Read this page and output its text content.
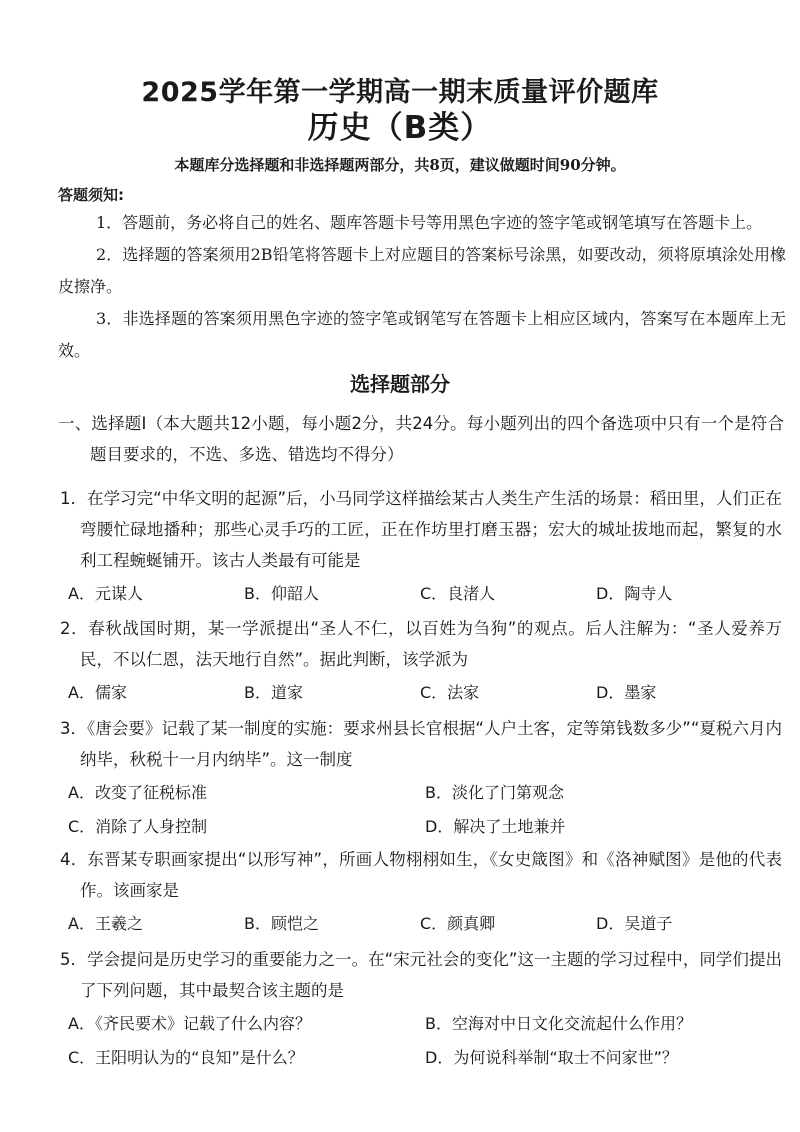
2025学年第一学期高一期末质量评价题库
历史（B类）
本题库分选择题和非选择题两部分，共8页，建议做题时间90分钟。
答题须知:
1．答题前，务必将自己的姓名、题库答题卡号等用黑色字迹的签字笔或钢笔填写在答题卡上。
2．选择题的答案须用2B铅笔将答题卡上对应题目的答案标号涂黑，如要改动，须将原填涂处用橡皮擦净。
3．非选择题的答案须用黑色字迹的签字笔或钢笔写在答题卡上相应区域内，答案写在本题库上无效。
选择题部分
一、选择题Ⅰ（本大题共12小题，每小题2分，共24分。每小题列出的四个备选项中只有一个是符合题目要求的，不选、多选、错选均不得分）
1．在学习完“中华文明的起源”后，小马同学这样描绘某古人类生产生活的场景：稻田里，人们正在弯腰忙碌地播种；那些心灵手巧的工匠，正在作坊里打磨玉器；宏大的城址拔地而起，繁复的水利工程蜿蜒铺开。该古人类最有可能是
A．元谋人	B．仰韶人	C．良渚人	D．陶寺人
2．春秋战国时期，某一学派提出“圣人不仁，以百姓为刍狗”的观点。后人注解为：“圣人爱养万民，不以仁恩，法天地行自然”。据此判断，该学派为
A．儒家	B．道家	C．法家	D．墨家
3．《唐会要》记载了某一制度的实施：要求州县长官根据“人户土客，定等第钱数多少”“夏税六月内纳毕，秋税十一月内纳毕”。这一制度
A．改变了征税标准	B．淡化了门第观念
C．消除了人身控制	D．解决了土地兼并
4．东晋某专职画家提出“以形写神”，所画人物栩栩如生，《女史箴图》和《洛神赋图》是他的代表作。该画家是
A．王羲之	B．顾恺之	C．颜真卿	D．吴道子
5．学会提问是历史学习的重要能力之一。在“宋元社会的变化”这一主题的学习过程中，同学们提出了下列问题，其中最契合该主题的是
A．《齐民要术》记载了什么内容？	B．空海对中日文化交流起什么作用？
C．王阳明认为的“良知”是什么？	D．为何说科举制“取士不问家世”？
